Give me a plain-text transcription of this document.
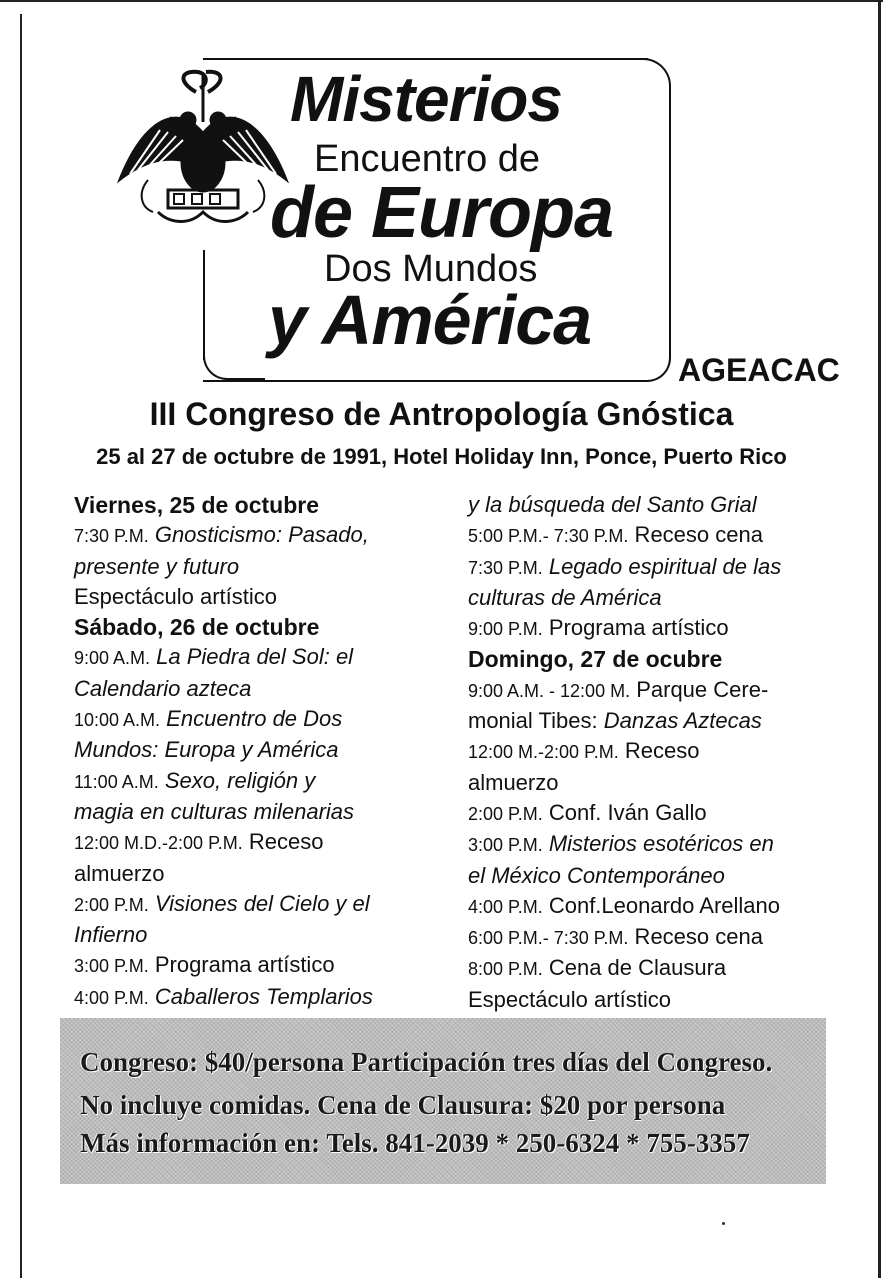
Misterios
Encuentro de
de Europa
Dos Mundos
y América
AGEACAC
III Congreso de Antropología Gnóstica
25 al 27 de octubre de 1991, Hotel Holiday Inn, Ponce, Puerto Rico
Viernes, 25 de octubre
7:30 P.M. Gnosticismo: Pasado,
presente y futuro
Espectáculo artístico
Sábado, 26 de octubre
9:00 A.M. La Piedra del Sol: el
Calendario azteca
10:00 A.M. Encuentro de Dos
Mundos: Europa y América
11:00 A.M. Sexo, religión y
magia en culturas milenarias
12:00 M.D.-2:00 P.M. Receso
almuerzo
2:00 P.M. Visiones del Cielo y el
Infierno
3:00 P.M. Programa artístico
4:00 P.M. Caballeros Templarios
y la búsqueda del Santo Grial
5:00 P.M.- 7:30 P.M. Receso cena
7:30 P.M. Legado espiritual de las
culturas de América
9:00 P.M. Programa artístico
Domingo, 27 de ocubre
9:00 A.M. - 12:00 M. Parque Cere-
monial Tibes: Danzas Aztecas
12:00 M.-2:00 P.M. Receso
almuerzo
2:00 P.M. Conf. Iván Gallo
3:00 P.M. Misterios esotéricos en
el México Contemporáneo
4:00 P.M. Conf.Leonardo Arellano
6:00 P.M.- 7:30 P.M. Receso cena
8:00 P.M. Cena de Clausura
Espectáculo artístico
Congreso: $40/persona Participación tres días del Congreso.
No incluye comidas. Cena de Clausura: $20 por persona
Más información en: Tels. 841-2039 * 250-6324 * 755-3357
